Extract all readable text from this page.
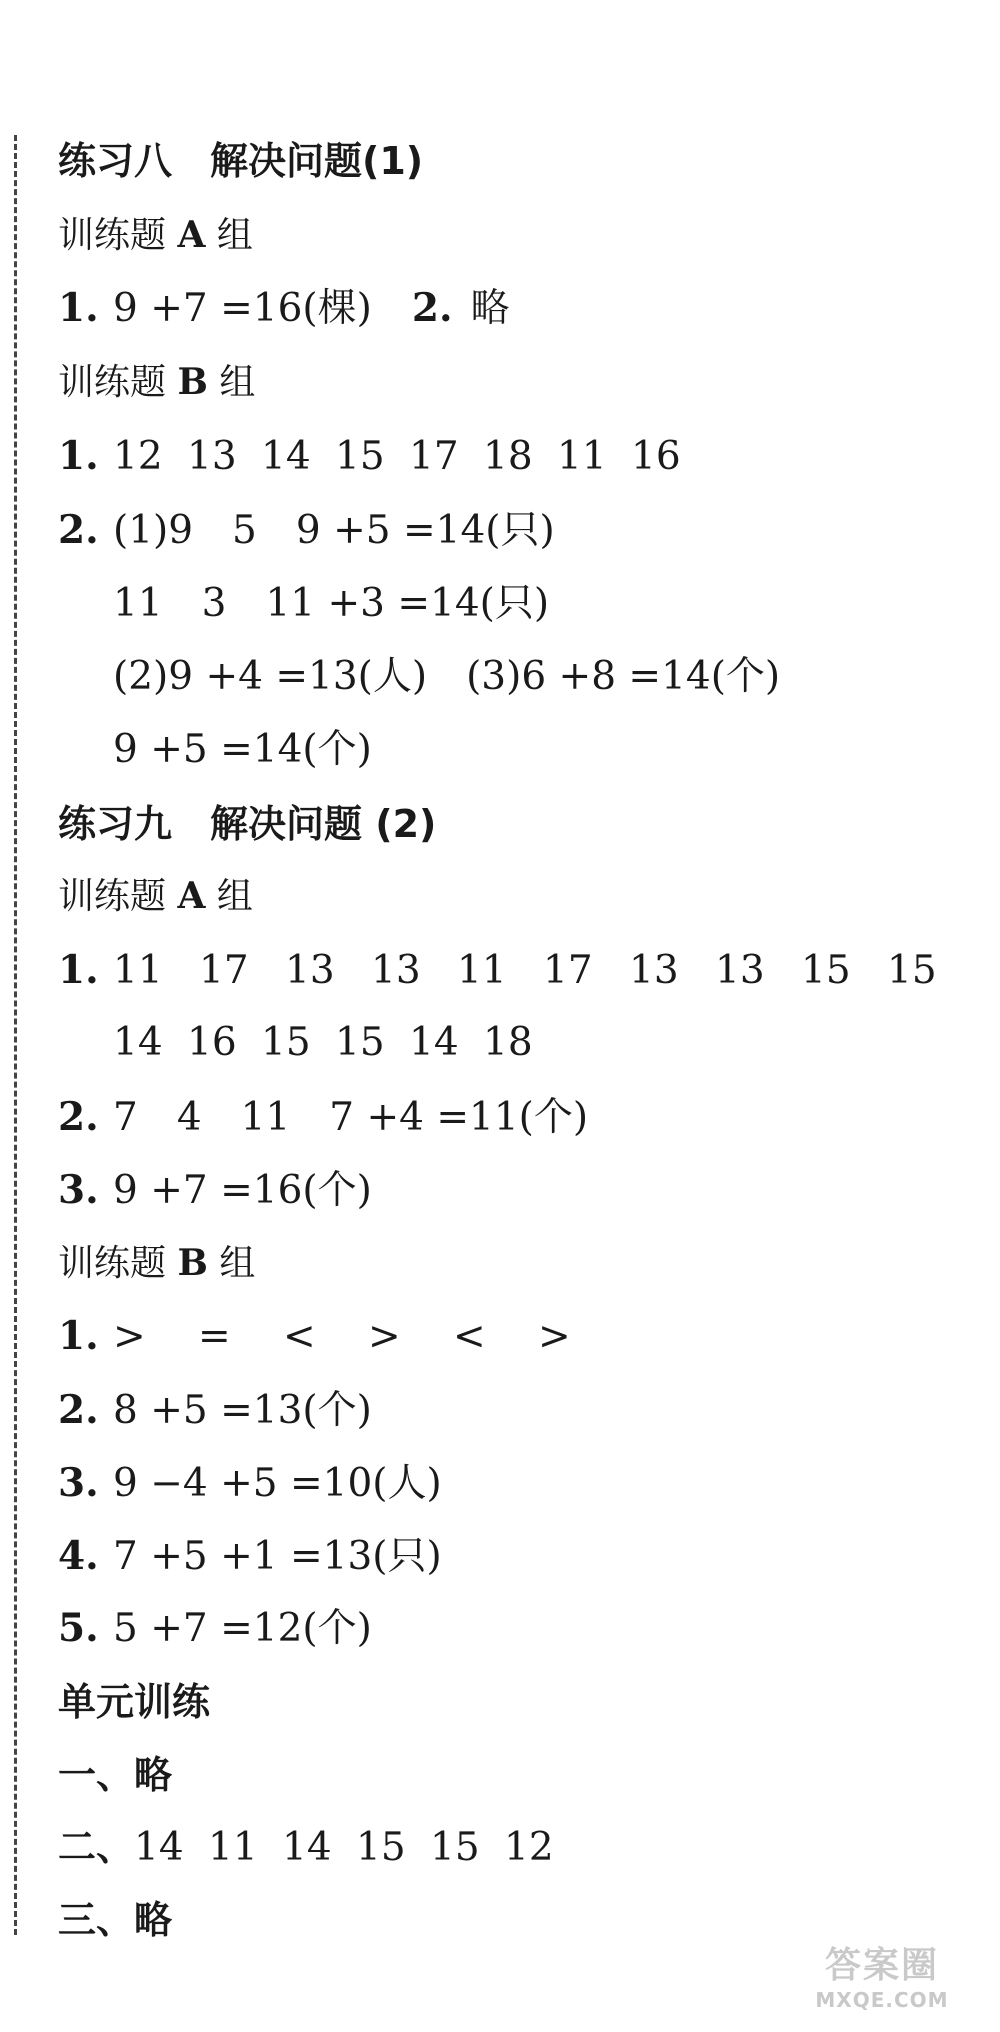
练习八　解决问题(1)
训练题 A 组
1. 9 +7 =16(棵) 2. 略
训练题 B 组
1. 12 13 14 15 17 18 11 16
2. (1)9　5　9 +5 =14(只)
11　3　11 +3 =14(只)
(2)9 +4 =13(人)　(3)6 +8 =14(个)
9 +5 =14(个)
练习九　解决问题 (2)
训练题 A 组
1. 11 17 13 13 11 17 13 13 15 15
14 16 15 15 14 18
2. 7　4　11　7 +4 =11(个)
3. 9 +7 =16(个)
训练题 B 组
1. >	=	<	>	<	>
2. 8 +5 =13(个)
3. 9 −4 +5 =10(人)
4. 7 +5 +1 =13(只)
5. 5 +7 =12(个)
单元训练
一、略
二、 14 11 14 15 15 12
三、略
答案圈
MXQE.COM
